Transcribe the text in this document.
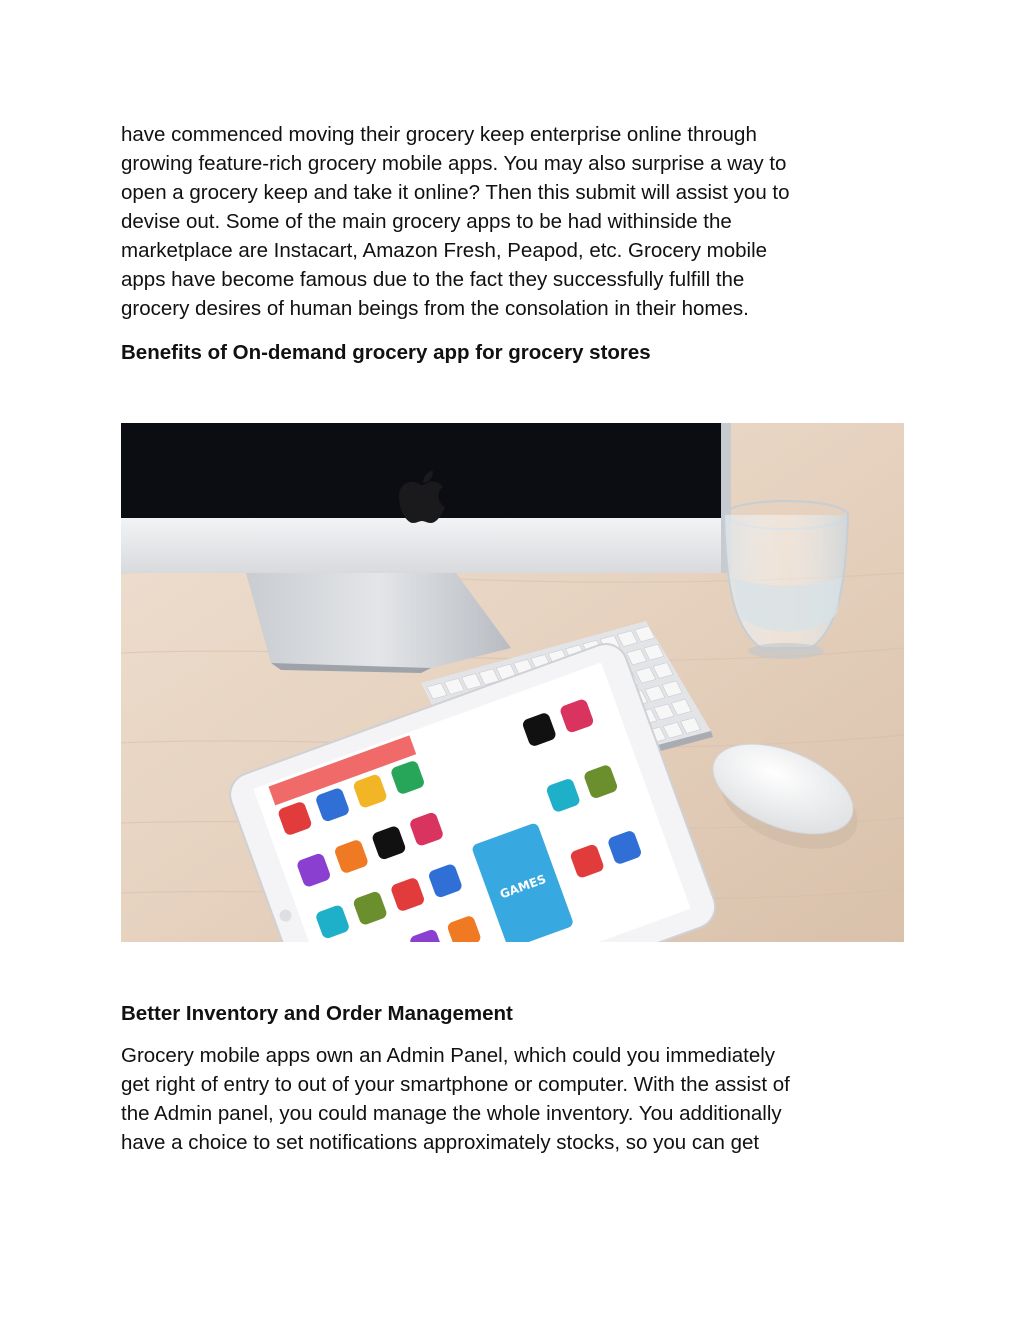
have commenced moving their grocery keep enterprise online through
growing feature-rich grocery mobile apps. You may also surprise a way to
open a grocery keep and take it online? Then this submit will assist you to
devise out. Some of the main grocery apps to be had withinside the
marketplace are Instacart, Amazon Fresh, Peapod, etc. Grocery mobile
apps have become famous due to the fact they successfully fulfill the
grocery desires of human beings from the consolation in their homes.

Benefits of On-demand grocery app for grocery stores
GAMES
Better Inventory and Order Management

Grocery mobile apps own an Admin Panel, which could you immediately
get right of entry to out of your smartphone or computer. With the assist of
the Admin panel, you could manage the whole inventory. You additionally
have a choice to set notifications approximately stocks, so you can get
